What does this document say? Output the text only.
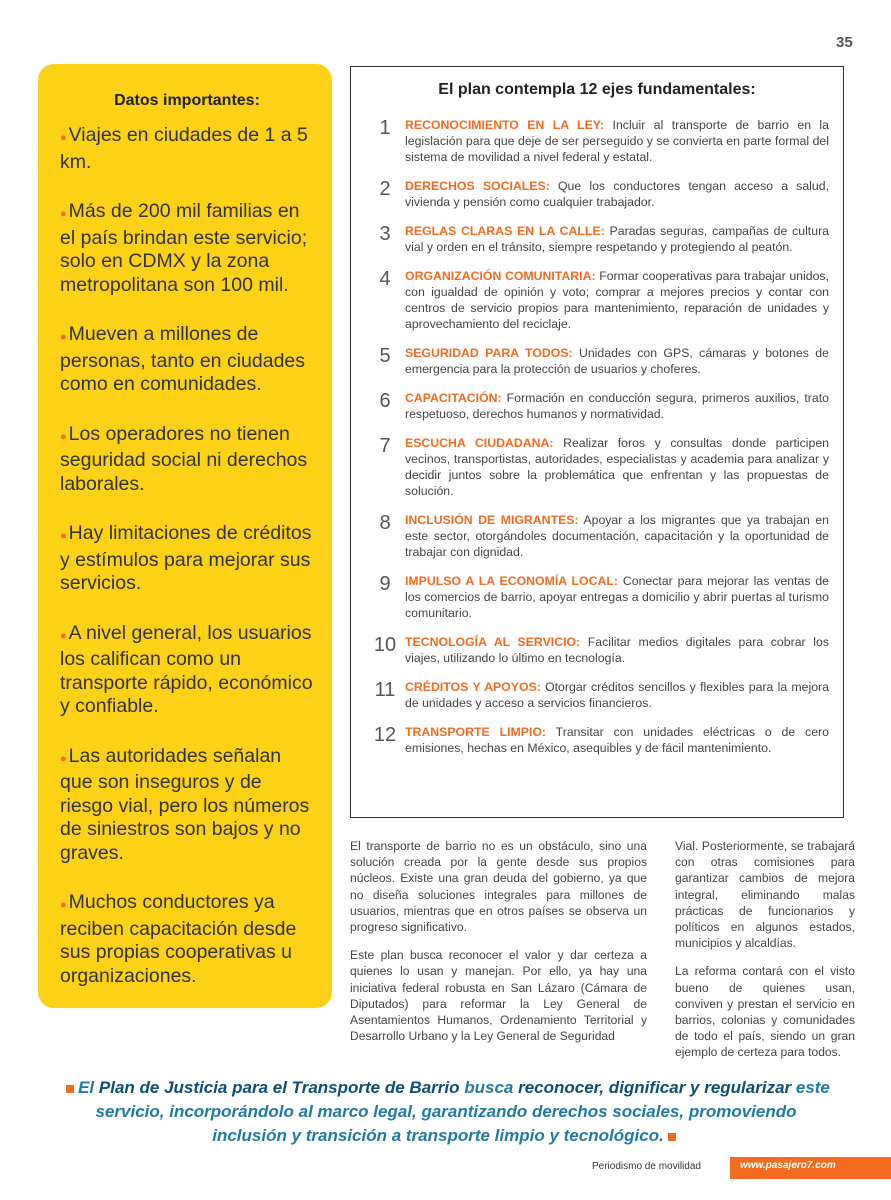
35
Datos importantes:
● Viajes en ciudades de 1 a 5 km.
● Más de 200 mil familias en el país brindan este servicio; solo en CDMX y la zona metropolitana son 100 mil.
● Mueven a millones de personas, tanto en ciudades como en comunidades.
● Los operadores no tienen seguridad social ni derechos laborales.
● Hay limitaciones de créditos y estímulos para mejorar sus servicios.
● A nivel general, los usuarios los califican como un transporte rápido, económico y confiable.
● Las autoridades señalan que son inseguros y de riesgo vial, pero los números de siniestros son bajos y no graves.
● Muchos conductores ya reciben capacitación desde sus propias cooperativas u organizaciones.
El plan contempla 12 ejes fundamentales:
1	RECONOCIMIENTO EN LA LEY: Incluir al transporte de barrio en la legislación para que deje de ser perseguido y se convierta en parte formal del sistema de movilidad a nivel federal y estatal.
2	DERECHOS SOCIALES: Que los conductores tengan acceso a salud, vivienda y pensión como cualquier trabajador.
3	REGLAS CLARAS EN LA CALLE: Paradas seguras, campañas de cultura vial y orden en el tránsito, siempre respetando y protegiendo al peatón.
4	ORGANIZACIÓN COMUNITARIA: Formar cooperativas para trabajar unidos, con igualdad de opinión y voto; comprar a mejores precios y contar con centros de servicio propios para mantenimiento, reparación de unidades y aprovechamiento del reciclaje.
5	SEGURIDAD PARA TODOS: Unidades con GPS, cámaras y botones de emergencia para la protección de usuarios y choferes.
6	CAPACITACIÓN: Formación en conducción segura, primeros auxilios, trato respetuoso, derechos humanos y normatividad.
7	ESCUCHA CIUDADANA: Realizar foros y consultas donde participen vecinos, transportistas, autoridades, especialistas y academia para analizar y decidir juntos sobre la problemática que enfrentan y las propuestas de solución.
8	INCLUSIÓN DE MIGRANTES: Apoyar a los migrantes que ya trabajan en este sector, otorgándoles documentación, capacitación y la oportunidad de trabajar con dignidad.
9	IMPULSO A LA ECONOMÍA LOCAL: Conectar para mejorar las ventas de los comercios de barrio, apoyar entregas a domicilio y abrir puertas al turismo comunitario.
10 TECNOLOGÍA AL SERVICIO: Facilitar medios digitales para cobrar los viajes, utilizando lo último en tecnología.
11 CRÉDITOS Y APOYOS: Otorgar créditos sencillos y flexibles para la mejora de unidades y acceso a servicios financieros.
12 TRANSPORTE LIMPIO: Transitar con unidades eléctricas o de cero emisiones, hechas en México, asequibles y de fácil mantenimiento.

El transporte de barrio no es un obstáculo, sino una solución creada por la gente desde sus propios núcleos. Existe una gran deuda del gobierno, ya que no diseña soluciones integrales para millones de usuarios, mientras que en otros países se observa un progreso significativo.

Este plan busca reconocer el valor y dar certeza a quienes lo usan y manejan. Por ello, ya hay una iniciativa federal robusta en San Lázaro (Cámara de Diputados) para reformar la Ley General de Asentamientos Humanos, Ordenamiento Territorial y Desarrollo Urbano y la Ley General de Seguridad

Vial. Posteriormente, se trabajará con otras comisiones para garantizar cambios de mejora integral, eliminando malas prácticas de funcionarios y políticos en algunos estados, municipios y alcaldías.

La reforma contará con el visto bueno de quienes usan, conviven y prestan el servicio en barrios, colonias y comunidades de todo el país, siendo un gran ejemplo de certeza para todos.

El Plan de Justicia para el Transporte de Barrio busca reconocer, dignificar y regularizar este servicio, incorporándolo al marco legal, garantizando derechos sociales, promoviendo inclusión y transición a transporte limpio y tecnológico.
Periodismo de movilidad	www.pasajero7.com
